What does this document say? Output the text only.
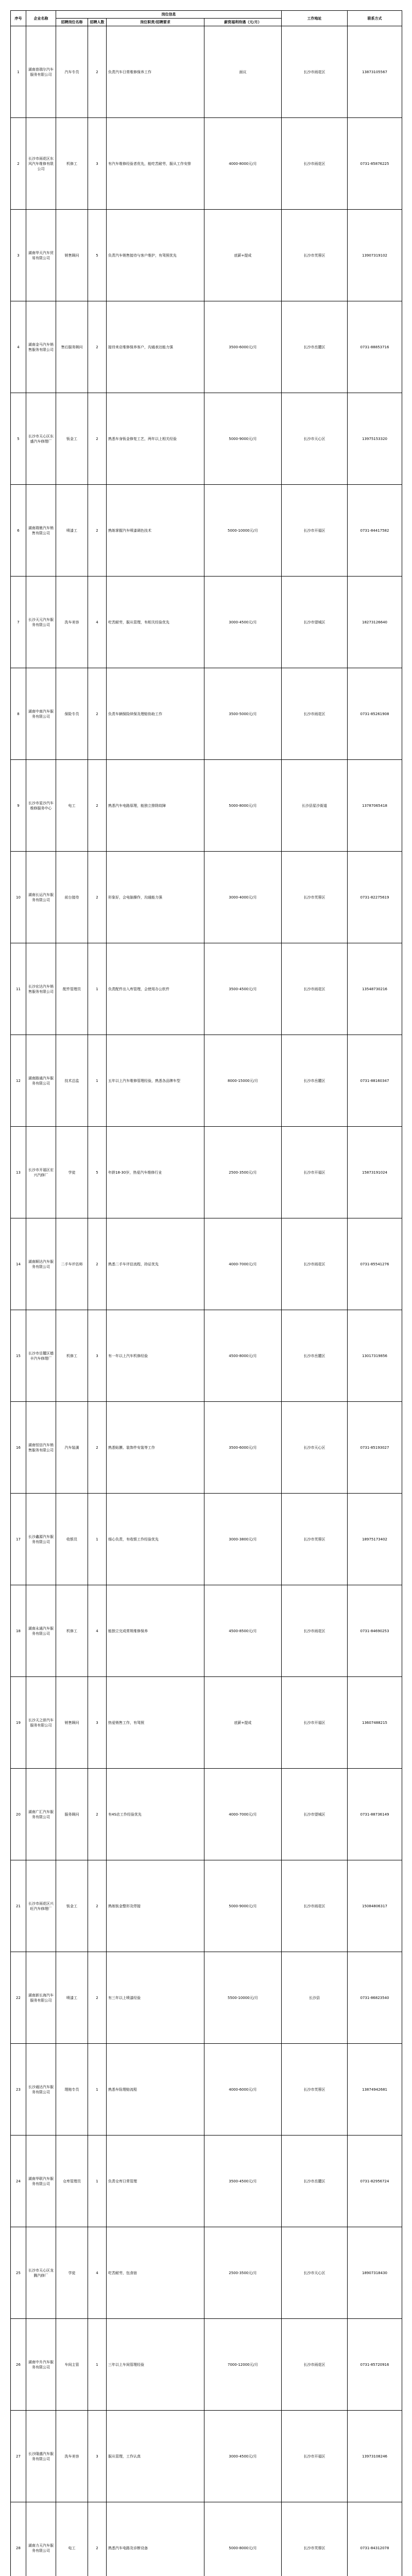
序号	企业名称	岗位信息				工作地址	联系方式
		招聘岗位名称	招聘人数	岗位职责/招聘要求	薪资福利待遇（元/月）		
1	湖南普瑞尔汽车服务有限公司	汽车专员	2	负责汽车日常维修保养工作	面议	长沙市雨花区	13873105567
2	长沙市雨花区东风汽车维修有限公司	机修工	3	有汽车维修经验者优先，能吃苦耐劳，服从工作安排	4000-8000元/月	长沙市雨花区	0731-85876225
3	湖南华天汽车贸易有限公司	销售顾问	5	负责汽车销售接待与客户维护，有驾照优先	底薪+提成	长沙市芙蓉区	13907319102
4	湖南金马汽车销售服务有限公司	售后服务顾问	2	接待来店维修保养客户，沟通表达能力强	3500-6000元/月	长沙市岳麓区	0731-88853716
5	长沙市天心区东盛汽车修理厂	钣金工	2	熟悉车身钣金修复工艺，两年以上相关经验	5000-9000元/月	长沙市天心区	13975153320
6	湖南瑞驰汽车销售有限公司	喷漆工	2	熟练掌握汽车喷漆调色技术	5000-10000元/月	长沙市开福区	0731-84417582
7	长沙天元汽车服务有限公司	洗车美容	4	吃苦耐劳，服从管理，有相关经验优先	3000-4500元/月	长沙市望城区	18273126640
8	湖南中南汽车服务有限公司	保险专员	2	负责车辆保险续保及理赔协助工作	3500-5000元/月	长沙市雨花区	0731-85261908
9	长沙市星沙汽车维修服务中心	电工	2	熟悉汽车电路原理，能独立排除故障	5000-8000元/月	长沙县星沙街道	13787065418
10	湖南长运汽车服务有限公司	前台接待	2	形象好，会电脑操作，沟通能力强	3000-4000元/月	长沙市芙蓉区	0731-82275619
11	长沙宏达汽车销售服务有限公司	配件管理员	1	负责配件出入库管理，会使用办公软件	3500-4500元/月	长沙市雨花区	13548730216
12	湖南路通汽车服务有限公司	技术总监	1	五年以上汽车维修管理经验，熟悉各品牌车型	8000-15000元/月	长沙市岳麓区	0731-88160347
13	长沙市开福区宏兴汽修厂	学徒	5	年龄18-30岁，热爱汽车维修行业	2500-3500元/月	长沙市开福区	15873191024
14	湖南顺达汽车服务有限公司	二手车评估师	2	熟悉二手车评估流程，持证优先	4000-7000元/月	长沙市雨花区	0731-85541276
15	长沙市岳麓区德丰汽车修理厂	机修工	3	有一年以上汽车机修经验	4500-8000元/月	长沙市岳麓区	13017319856
16	湖南恒信汽车销售服务有限公司	汽车装潢	2	熟悉贴膜、装饰件安装等工作	3500-6000元/月	长沙市天心区	0731-85193027
17	长沙鑫源汽车服务有限公司	收银员	1	细心负责，有收银工作经验优先	3000-3800元/月	长沙市芙蓉区	18975173402
18	湖南永通汽车服务有限公司	机修工	4	能独立完成常规维修保养	4500-8500元/月	长沙市雨花区	0731-84690253
19	长沙天之骄汽车服务有限公司	销售顾问	3	热爱销售工作，有驾照	底薪+提成	长沙市开福区	13607488215
20	湖南广汇汽车服务有限公司	服务顾问	2	有4S店工作经验优先	4000-7000元/月	长沙市望城区	0731-88736149
21	长沙市雨花区兴旺汽车修理厂	钣金工	2	熟练钣金整形及焊接	5000-9000元/月	长沙市雨花区	15084806317
22	湖南新长海汽车服务有限公司	喷漆工	2	有三年以上喷漆经验	5500-10000元/月	长沙县	0731-86823540
23	长沙通达汽车服务有限公司	理赔专员	1	熟悉车险理赔流程	4000-6000元/月	长沙市芙蓉区	13874942681
24	湖南华联汽车服务有限公司	仓库管理员	1	负责仓库日常管理	3500-4500元/月	长沙市岳麓区	0731-82956724
25	长沙市天心区龙腾汽修厂	学徒	4	吃苦耐劳，包食宿	2500-3500元/月	长沙市天心区	18907318430
26	湖南中升汽车服务有限公司	车间主管	1	三年以上车间管理经验	7000-12000元/月	长沙市雨花区	0731-85720916
27	长沙隆盛汽车服务有限公司	洗车美容	3	服从管理，工作认真	3000-4500元/月	长沙市开福区	13973108246
28	湖南力天汽车服务有限公司	电工	2	熟悉汽车电路及诊断设备	5000-8000元/月	长沙市芙蓉区	0731-84312078
